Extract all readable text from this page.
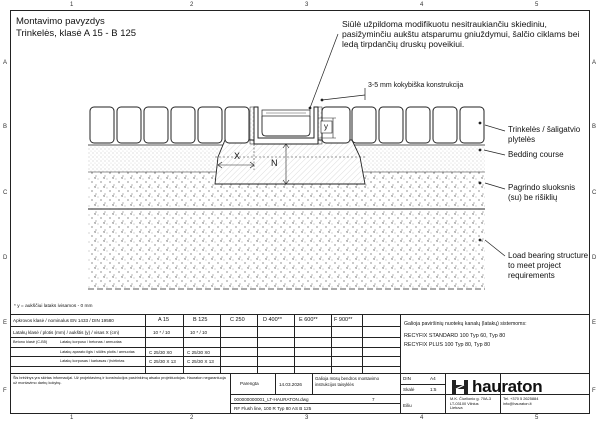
A
B
C
D
E
F
A
B
C
D
E
F
1	2	3	4	5
1	2	3	4	5
Montavimo pavyzdys
Trinkelės, klasė A 15 - B 125
X
N
y
Siūlė užpildoma modifikuotu nesitraukiančiu skiediniu, pasižyminčiu aukštu atsparumu gniuždymui, šalčio ciklams bei ledą tirpdančių druskų poveikiui.
3-5 mm kokybiška konstrukcija
Trinkelės / šaligatvio plytelės
Bedding course
Pagrindo sluoksnis (su) be rišiklių
Load bearing structure to meet project requirements
* y = aukščiui lataks ivisamos - 0 mm
Apkrovos klasė / nominalus EN 1433 / DIN 19580	A 15	B 125	C 250	D 400**	E 600**	F 900**
Latakų klasė / plotis (mm) / aukštis (y) / visas X (cm)	10 * / 10	10 * / 10
Betono klasė (C-B5)	Latakų korpuso / betonas / armuotas
Latakų aparato ilgis / siūlės plotis / armuotas	C 25/30 X0	C 25/30 X0
Latakų korpusas / karkasas / įtvirtintas	C 25/30 X 13 C 25/30 X 13
Galioja paviršinių nuotekų kanalų (latakų) sistemoms:
RECYFIX STANDARD 100 Typ 60, Typ 80
RECYFIX PLUS 100 Typ 80, Typ 80
Šis brėžinys yra skirtas informacijai. Už projektavimą ir konstrukcijos pasirinkimą atsako projektuotojas. Hauraton negarantuoja už montavimo darbų kokybę.	Parengta	14.03.2026
Galioja mūsų bendros montavimo instrukcijos taisyklės
000000000001_LT-HAURATON.dwg	7
RF Flush line, 100 R Typ 80 AS B 125
DIN	A4
Skalė	1:5
Eiliu
hauraton
M.K. Čiurlionio g. 70A-3
LT-03100 Vilnius
Lietuva
Tel. +370 5 2625884
info@hauraton.lt
